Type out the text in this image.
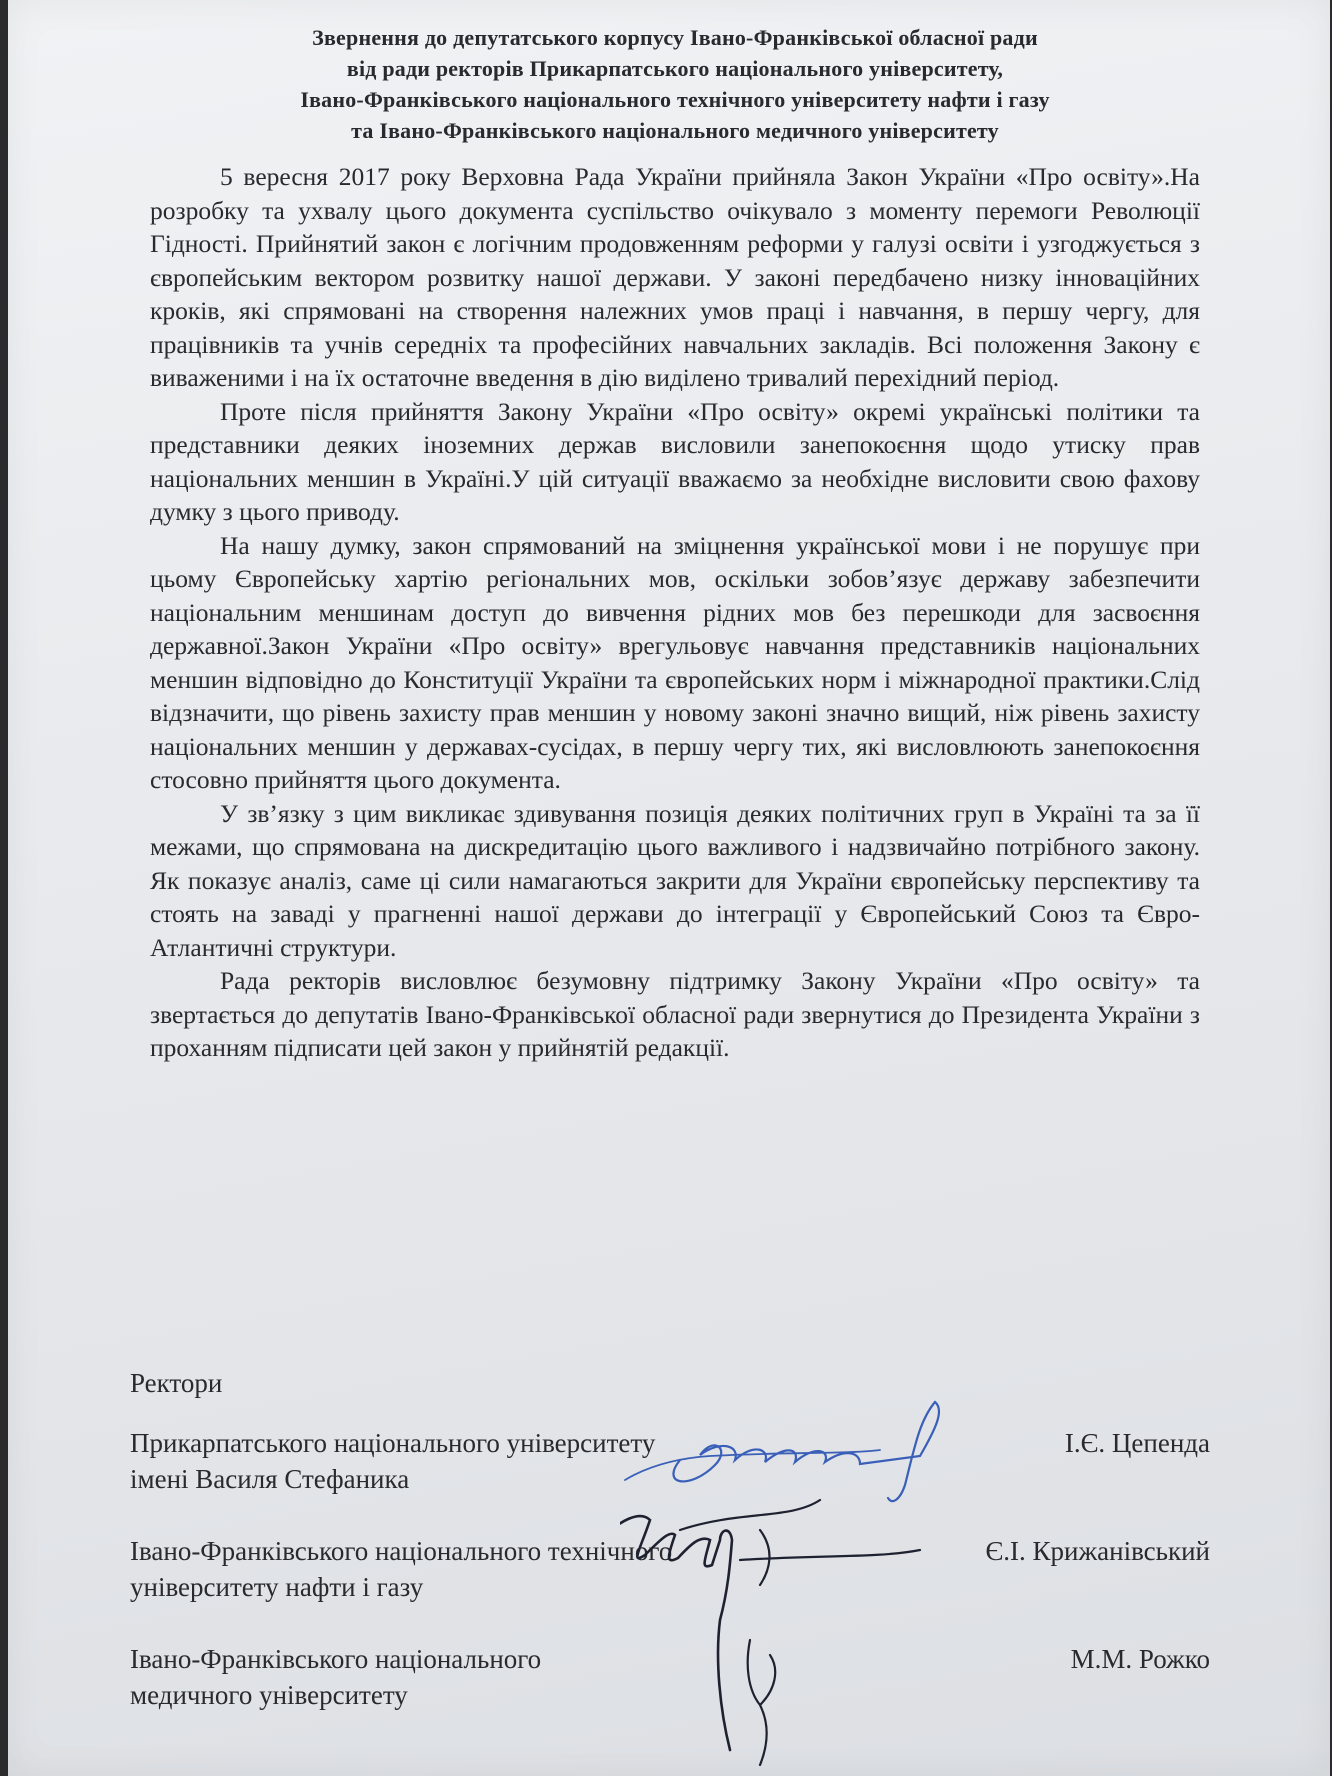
Звернення до депутатського корпусу Івано-Франківської обласної ради
від ради ректорів Прикарпатського національного університету,
Івано-Франківського національного технічного університету нафти і газу
та Івано-Франківського національного медичного університету

5 вересня 2017 року Верховна Рада України прийняла Закон України «Про освіту».На розробку та ухвалу цього документа суспільство очікувало з моменту перемоги Революції Гідності. Прийнятий закон є логічним продовженням реформи у галузі освіти і узгоджується з європейським вектором розвитку нашої держави. У законі передбачено низку інноваційних кроків, які спрямовані на створення належних умов праці і навчання, в першу чергу, для працівників та учнів середніх та професійних навчальних закладів. Всі положення Закону є виваженими і на їх остаточне введення в дію виділено тривалий перехідний період.

Проте після прийняття Закону України «Про освіту» окремі українські політики та представники деяких іноземних держав висловили занепокоєння щодо утиску прав національних меншин в Україні.У цій ситуації вважаємо за необхідне висловити свою фахову думку з цього приводу.

На нашу думку, закон спрямований на зміцнення української мови і не порушує при цьому Європейську хартію регіональних мов, оскільки зобов’язує державу забезпечити національним меншинам доступ до вивчення рідних мов без перешкоди для засвоєння державної.Закон України «Про освіту» врегульовує навчання представників національних меншин відповідно до Конституції України та європейських норм і міжнародної практики.Слід відзначити, що рівень захисту прав меншин у новому законі значно вищий, ніж рівень захисту національних меншин у державах-сусідах, в першу чергу тих, які висловлюють занепокоєння стосовно прийняття цього документа.

У зв’язку з цим викликає здивування позиція деяких політичних груп в Україні та за її межами, що спрямована на дискредитацію цього важливого і надзвичайно потрібного закону. Як показує аналіз, саме ці сили намагаються закрити для України європейську перспективу та стоять на заваді у прагненні нашої держави до інтеграції у Європейський Союз та Євро-Атлантичні структури.

Рада ректорів висловлює безумовну підтримку Закону України «Про освіту» та звертається до депутатів Івано-Франківської обласної ради звернутися до Президента України з проханням підписати цей закон у прийнятій редакції.

Ректори
Прикарпатського національного університету
імені Василя Стефаника
І.Є. Цепенда
Івано-Франківського національного технічного
університету нафти і газу
Є.І. Крижанівський
Івано-Франківського національного
медичного університету
М.М. Рожко
